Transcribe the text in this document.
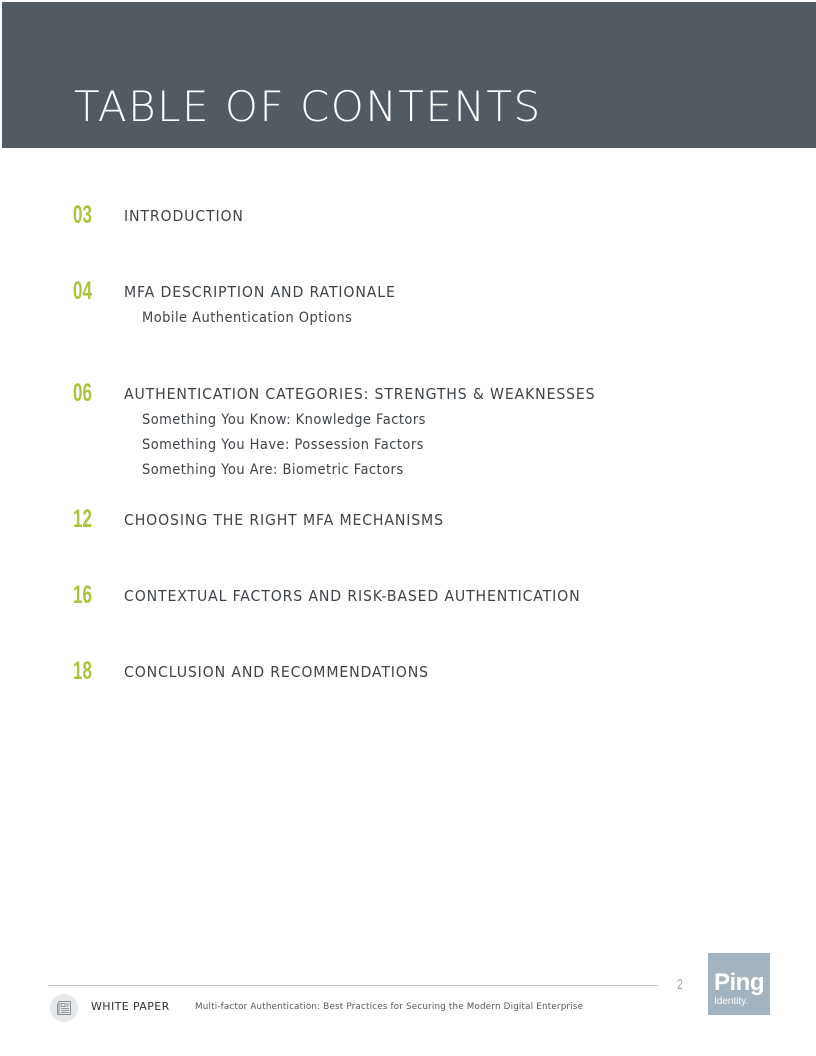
TABLE OF CONTENTS
03 INTRODUCTION
04 MFA DESCRIPTION AND RATIONALE
Mobile Authentication Options
06 AUTHENTICATION CATEGORIES: STRENGTHS & WEAKNESSES
Something You Know: Knowledge Factors
Something You Have: Possession Factors
Something You Are: Biometric Factors
12 CHOOSING THE RIGHT MFA MECHANISMS
16 CONTEXTUAL FACTORS AND RISK-BASED AUTHENTICATION
18 CONCLUSION AND RECOMMENDATIONS
2 Ping
Identity.
WHITE PAPER	Multi-factor Authentication: Best Practices for Securing the Modern Digital Enterprise
